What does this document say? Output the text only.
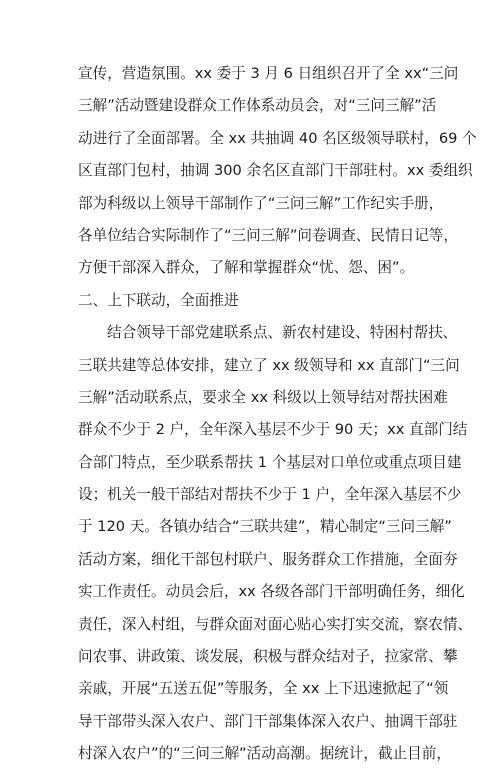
宣传，营造氛围。xx 委于 3 月 6 日组织召开了全 xx“三问
三解”活动暨建设群众工作体系动员会，对“三问三解”活
动进行了全面部署。全 xx 共抽调 40 名区级领导联村，69 个
区直部门包村，抽调 300 余名区直部门干部驻村。xx 委组织
部为科级以上领导干部制作了“三问三解”工作纪实手册，
各单位结合实际制作了“三问三解”问卷调查、民情日记等，
方便干部深入群众，了解和掌握群众“忧、怨、困”。
二、上下联动，全面推进
结合领导干部党建联系点、新农村建设、特困村帮扶、
三联共建等总体安排，建立了 xx 级领导和 xx 直部门“三问
三解”活动联系点，要求全 xx 科级以上领导结对帮扶困难
群众不少于 2 户，全年深入基层不少于 90 天；xx 直部门结
合部门特点，至少联系帮扶 1 个基层对口单位或重点项目建
设；机关一般干部结对帮扶不少于 1 户，全年深入基层不少
于 120 天。各镇办结合“三联共建”，精心制定“三问三解”
活动方案，细化干部包村联户、服务群众工作措施，全面夯
实工作责任。动员会后，xx 各级各部门干部明确任务，细化
责任，深入村组，与群众面对面心贴心实打实交流，察农情、
问农事、讲政策、谈发展，积极与群众结对子，拉家常、攀
亲戚，开展“五送五促”等服务，全 xx 上下迅速掀起了“领
导干部带头深入农户、部门干部集体深入农户、抽调干部驻
村深入农户”的“三问三解”活动高潮。据统计，截止目前，
